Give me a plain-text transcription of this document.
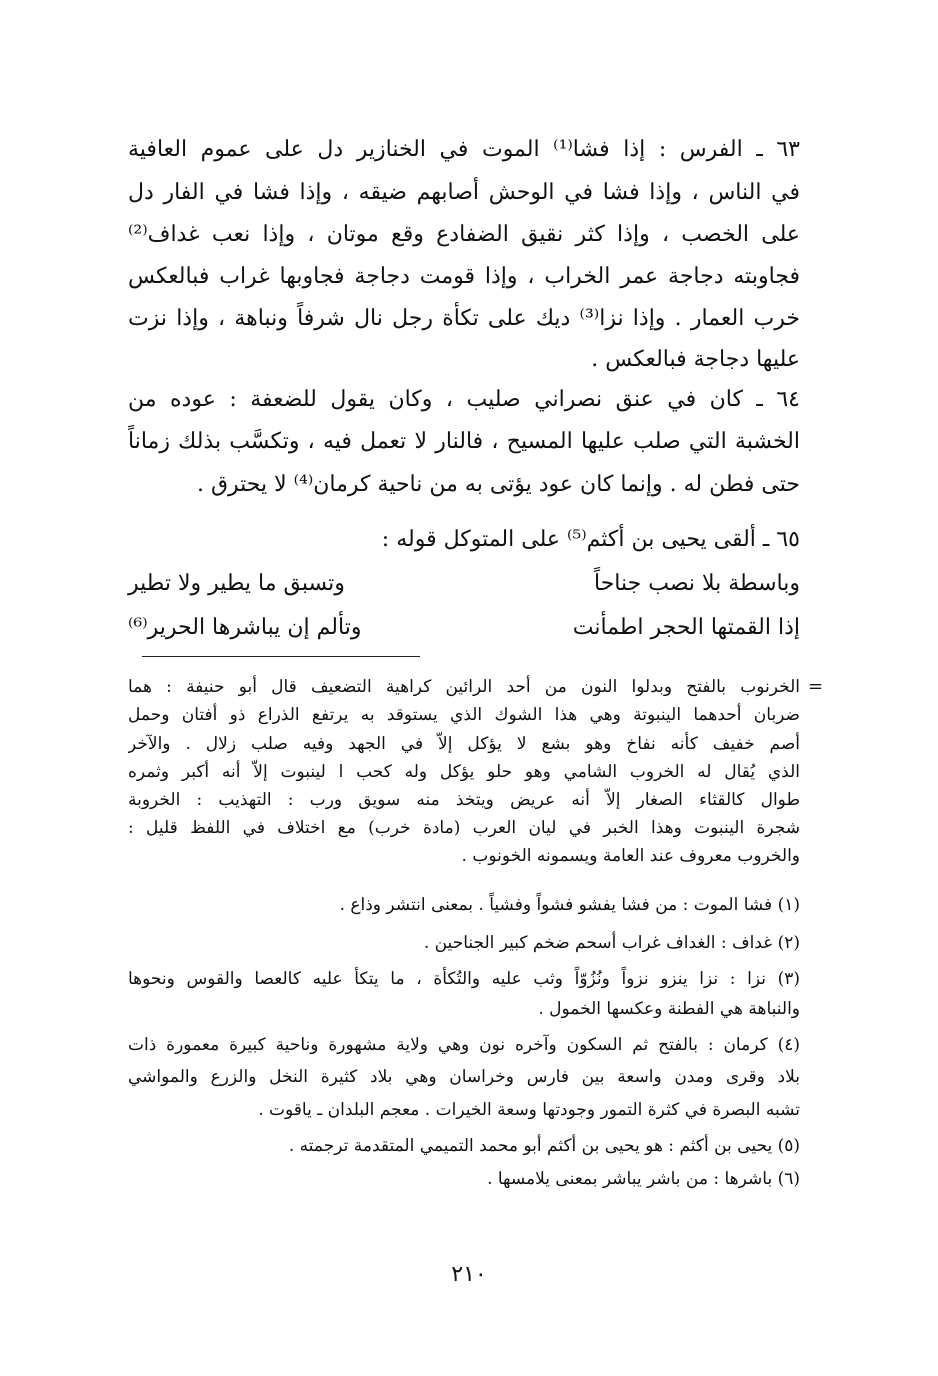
٦٣ ـ الفرس : إذا فشا⁽¹⁾ الموت في الخنازير دل على عموم العافية
في الناس ، وإذا فشا في الوحش أصابهم ضيقه ، وإذا فشا في الفار دل
على الخصب ، وإذا كثر نقيق الضفادع وقع موتان ، وإذا نعب غداف⁽²⁾
فجاوبته دجاجة عمر الخراب ، وإذا قومت دجاجة فجاوبها غراب فبالعكس
خرب العمار . وإذا نزا⁽³⁾ ديك على تكأة رجل نال شرفاً ونباهة ، وإذا نزت
عليها دجاجة فبالعكس .
٦٤ ـ كان في عنق نصراني صليب ، وكان يقول للضعفة : عوده من
الخشبة التي صلب عليها المسيح ، فالنار لا تعمل فيه ، وتكسَّب بذلك زماناً
حتى فطن له . وإنما كان عود يؤتى به من ناحية كرمان⁽⁴⁾ لا يحترق .
٦٥ ـ ألقى يحيى بن أكثم⁽⁵⁾ على المتوكل قوله :
وباسطة بلا نصب جناحاً
وتسبق ما يطير ولا تطير
إذا القمتها الحجر اطمأنت
وتألم إن يباشرها الحرير⁽⁶⁾
=
الخرنوب بالفتح وبدلوا النون من أحد الرائين كراهية التضعيف قال أبو حنيفة : هما
ضربان أحدهما الينبوتة وهي هذا الشوك الذي يستوقد به يرتفع الذراع ذو أفتان وحمل
أصم خفيف كأنه نفاخ وهو بشع لا يؤكل إلاّ في الجهد وفيه صلب زلال . والآخر
الذي يُقال له الخروب الشامي وهو حلو يؤكل وله كحب ا لينبوت إلاّ أنه أكبر وثمره
طوال كالقثاء الصغار إلاّ أنه عريض ويتخذ منه سويق ورب : التهذيب : الخروبة
شجرة الينبوت وهذا الخبر في ليان العرب (مادة خرب) مع اختلاف في اللفظ قليل :
والخروب معروف عند العامة ويسمونه الخونوب .
(١) فشا الموت : من فشا يفشو فشواً وفشياً . بمعنى انتشر وذاع .
(٢) غداف : الغداف غراب أسحم ضخم كبير الجناحين .
(٣) نزا : نزا ينزو نزواً ونُزُوّاً وثب عليه والتُكأة ، ما يتكأ عليه كالعصا والقوس ونحوها
والنباهة هي الفطنة وعكسها الخمول .
(٤) كرمان : بالفتح ثم السكون وآخره نون وهي ولاية مشهورة وناحية كبيرة معمورة ذات
بلاد وقرى ومدن واسعة بين فارس وخراسان وهي بلاد كثيرة النخل والزرع والمواشي
تشبه البصرة في كثرة التمور وجودتها وسعة الخيرات . معجم البلدان ـ ياقوت .
(٥) يحيى بن أكثم : هو يحيى بن أكثم أبو محمد التميمي المتقدمة ترجمته .
(٦) باشرها : من باشر يباشر بمعنى يلامسها .
٢١٠
